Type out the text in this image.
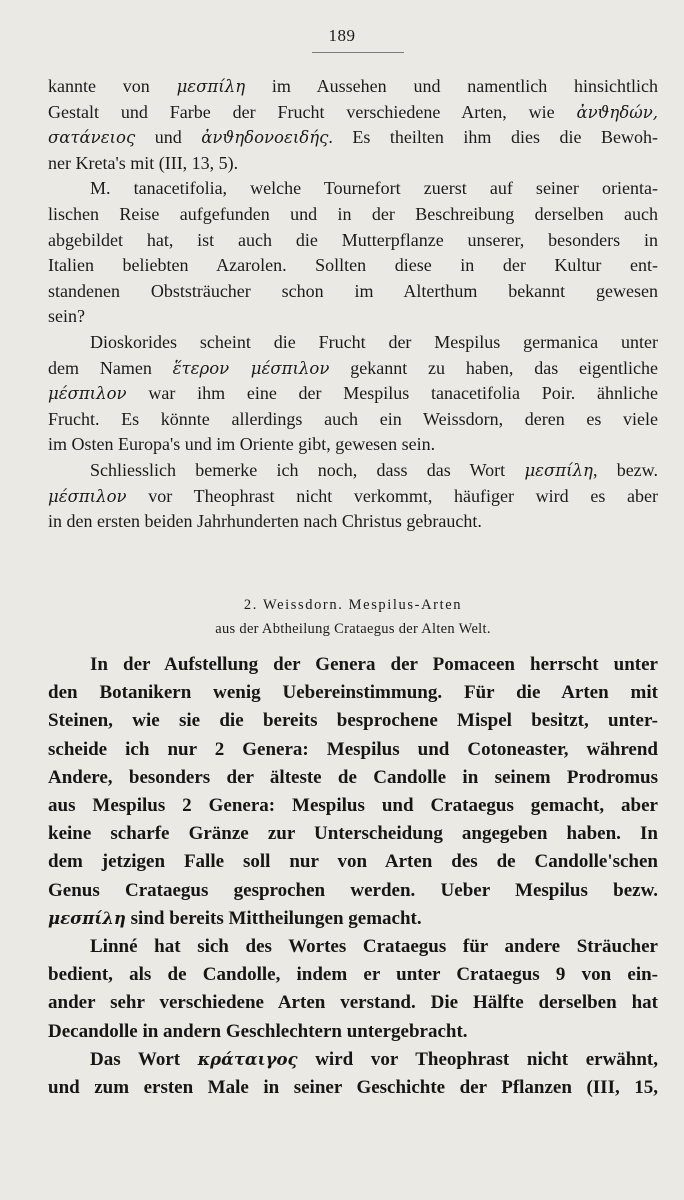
189
kannte von μεσπίλη im Aussehen und namentlich hinsichtlich
Gestalt und Farbe der Frucht verschiedene Arten, wie ἀνϑηδών,
σατάνειος und ἀνϑηδονοειδής. Es theilten ihm dies die Bewoh-
ner Kreta's mit (III, 13, 5).
M. tanacetifolia, welche Tournefort zuerst auf seiner orienta-
lischen Reise aufgefunden und in der Beschreibung derselben auch
abgebildet hat, ist auch die Mutterpflanze unserer, besonders in
Italien beliebten Azarolen. Sollten diese in der Kultur ent-
standenen Obststräucher schon im Alterthum bekannt gewesen
sein?
Dioskorides scheint die Frucht der Mespilus germanica unter
dem Namen ἕτερον μέσπιλον gekannt zu haben, das eigentliche
μέσπιλον war ihm eine der Mespilus tanacetifolia Poir. ähnliche
Frucht. Es könnte allerdings auch ein Weissdorn, deren es viele
im Osten Europa's und im Oriente gibt, gewesen sein.
Schliesslich bemerke ich noch, dass das Wort μεσπίλη, bezw.
μέσπιλον vor Theophrast nicht verkommt, häufiger wird es aber
in den ersten beiden Jahrhunderten nach Christus gebraucht.
2. Weissdorn. Mespilus-Arten
aus der Abtheilung Crataegus der Alten Welt.
In der Aufstellung der Genera der Pomaceen herrscht unter
den Botanikern wenig Uebereinstimmung. Für die Arten mit
Steinen, wie sie die bereits besprochene Mispel besitzt, unter-
scheide ich nur 2 Genera: Mespilus und Cotoneaster, während
Andere, besonders der älteste de Candolle in seinem Prodromus
aus Mespilus 2 Genera: Mespilus und Crataegus gemacht, aber
keine scharfe Gränze zur Unterscheidung angegeben haben. In
dem jetzigen Falle soll nur von Arten des de Candolle'schen
Genus Crataegus gesprochen werden. Ueber Mespilus bezw.
μεσπίλη sind bereits Mittheilungen gemacht.
Linné hat sich des Wortes Crataegus für andere Sträucher
bedient, als de Candolle, indem er unter Crataegus 9 von ein-
ander sehr verschiedene Arten verstand. Die Hälfte derselben hat
Decandolle in andern Geschlechtern untergebracht.
Das Wort κράταιγος wird vor Theophrast nicht erwähnt,
und zum ersten Male in seiner Geschichte der Pflanzen (III, 15,
